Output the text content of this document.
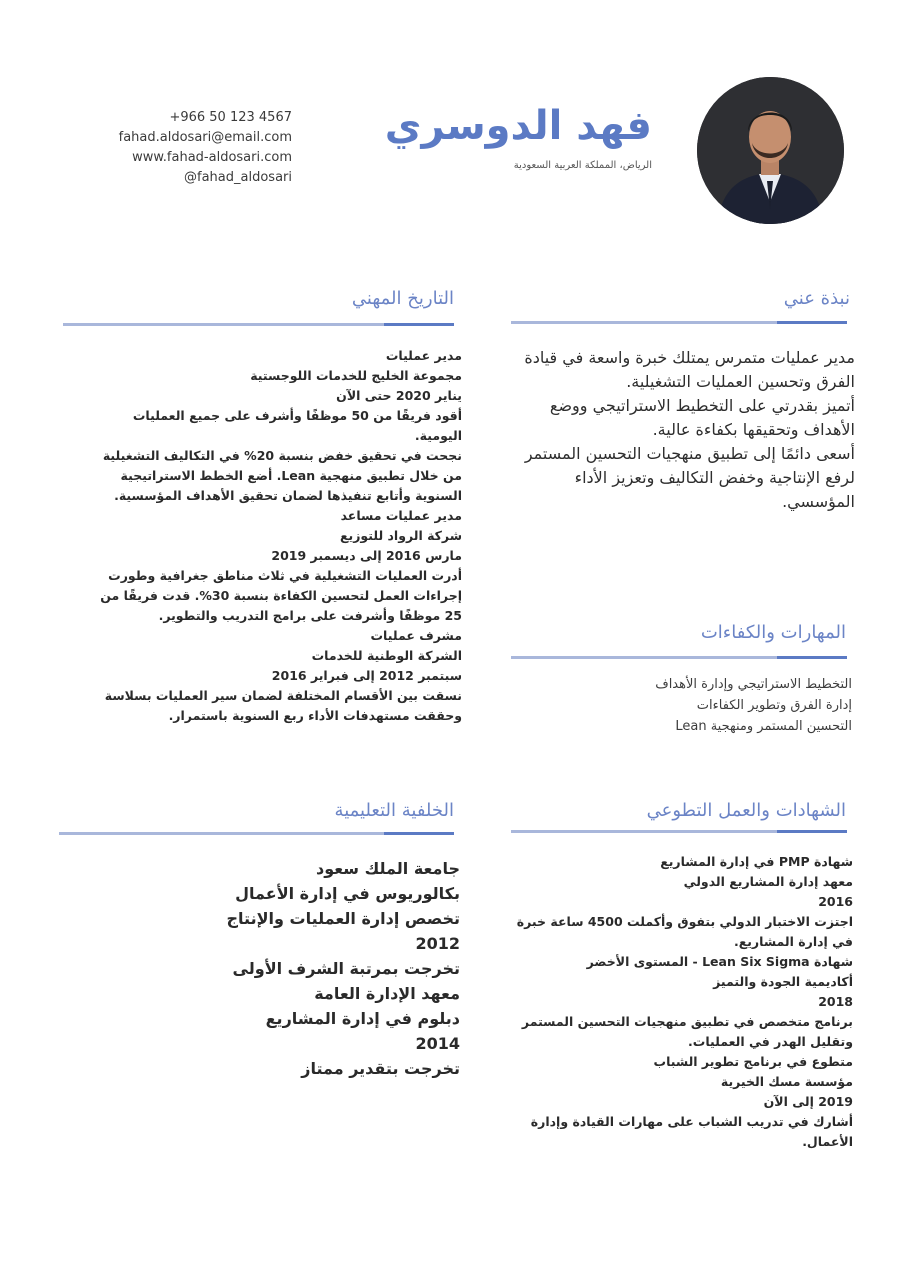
فهد الدوسري
الرياض، المملكة العربية السعودية
+966 50 123 4567
fahad.aldosari@email.com
www.fahad-aldosari.com
@fahad_aldosari
نبذة عني

مدير عمليات متمرس يمتلك خبرة واسعة في قيادة الفرق وتحسين العمليات التشغيلية.

أتميز بقدرتي على التخطيط الاستراتيجي ووضع الأهداف وتحقيقها بكفاءة عالية.

أسعى دائمًا إلى تطبيق منهجيات التحسين المستمر لرفع الإنتاجية وخفض التكاليف وتعزيز الأداء المؤسسي.

التاريخ المهني
مدير عمليات
مجموعة الخليج للخدمات اللوجستية
يناير 2020 حتى الآن
أقود فريقًا من 50 موظفًا وأشرف على جميع العمليات اليومية.
نجحت في تحقيق خفض بنسبة 20% في التكاليف التشغيلية من خلال تطبيق منهجية Lean. أضع الخطط الاستراتيجية السنوية وأتابع تنفيذها لضمان تحقيق الأهداف المؤسسية.
مدير عمليات مساعد
شركة الرواد للتوزيع
مارس 2016 إلى ديسمبر 2019
أدرت العمليات التشغيلية في ثلاث مناطق جغرافية وطورت إجراءات العمل لتحسين الكفاءة بنسبة 30%. قدت فريقًا من 25 موظفًا وأشرفت على برامج التدريب والتطوير.
مشرف عمليات
الشركة الوطنية للخدمات
سبتمبر 2012 إلى فبراير 2016
نسقت بين الأقسام المختلفة لضمان سير العمليات بسلاسة وحققت مستهدفات الأداء ربع السنوية باستمرار.
المهارات والكفاءات
التخطيط الاستراتيجي وإدارة الأهداف
إدارة الفرق وتطوير الكفاءات
التحسين المستمر ومنهجية Lean
الشهادات والعمل التطوعي
شهادة PMP في إدارة المشاريع
معهد إدارة المشاريع الدولي
2016
اجتزت الاختبار الدولي بتفوق وأكملت 4500 ساعة خبرة في إدارة المشاريع.
شهادة Lean Six Sigma - المستوى الأخضر
أكاديمية الجودة والتميز
2018
برنامج متخصص في تطبيق منهجيات التحسين المستمر وتقليل الهدر في العمليات.
متطوع في برنامج تطوير الشباب
مؤسسة مسك الخيرية
2019 إلى الآن
أشارك في تدريب الشباب على مهارات القيادة وإدارة الأعمال.
الخلفية التعليمية
جامعة الملك سعود
بكالوريوس في إدارة الأعمال
تخصص إدارة العمليات والإنتاج
2012
تخرجت بمرتبة الشرف الأولى
معهد الإدارة العامة
دبلوم في إدارة المشاريع
2014
تخرجت بتقدير ممتاز
